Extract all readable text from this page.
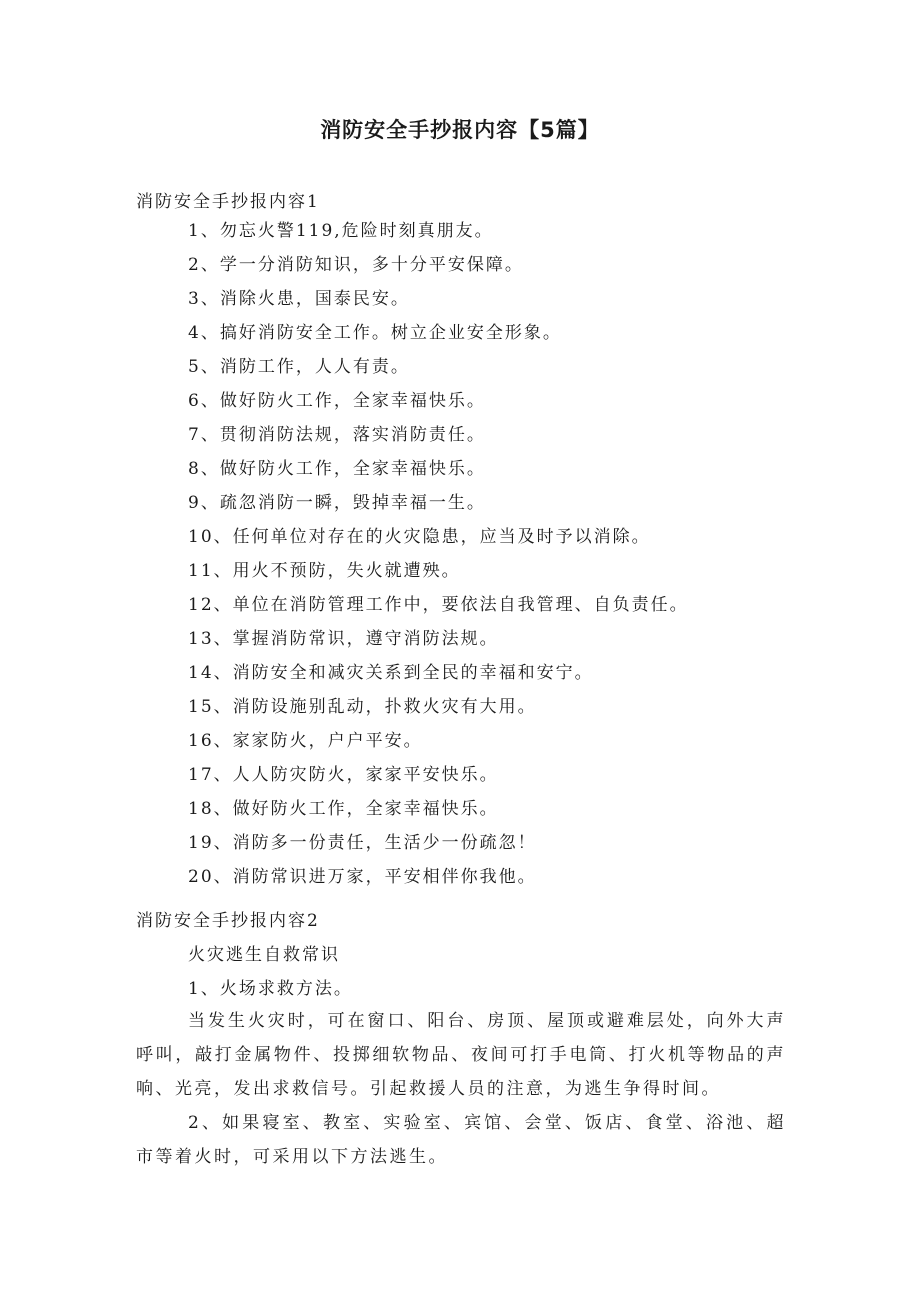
消防安全手抄报内容【5篇】
消防安全手抄报内容1
1、勿忘火警119,危险时刻真朋友。
2、学一分消防知识，多十分平安保障。
3、消除火患，国泰民安。
4、搞好消防安全工作。树立企业安全形象。
5、消防工作，人人有责。
6、做好防火工作，全家幸福快乐。
7、贯彻消防法规，落实消防责任。
8、做好防火工作，全家幸福快乐。
9、疏忽消防一瞬，毁掉幸福一生。
10、任何单位对存在的火灾隐患，应当及时予以消除。
11、用火不预防，失火就遭殃。
12、单位在消防管理工作中，要依法自我管理、自负责任。
13、掌握消防常识，遵守消防法规。
14、消防安全和减灾关系到全民的幸福和安宁。
15、消防设施别乱动，扑救火灾有大用。
16、家家防火，户户平安。
17、人人防灾防火，家家平安快乐。
18、做好防火工作，全家幸福快乐。
19、消防多一份责任，生活少一份疏忽！
20、消防常识进万家，平安相伴你我他。
消防安全手抄报内容2
火灾逃生自救常识
1、火场求救方法。

当发生火灾时，可在窗口、阳台、房顶、屋顶或避难层处，向外大声呼叫，敲打金属物件、投掷细软物品、夜间可打手电筒、打火机等物品的声响、光亮，发出求救信号。引起救援人员的注意，为逃生争得时间。

2、如果寝室、教室、实验室、宾馆、会堂、饭店、食堂、浴池、超市等着火时，可采用以下方法逃生。
